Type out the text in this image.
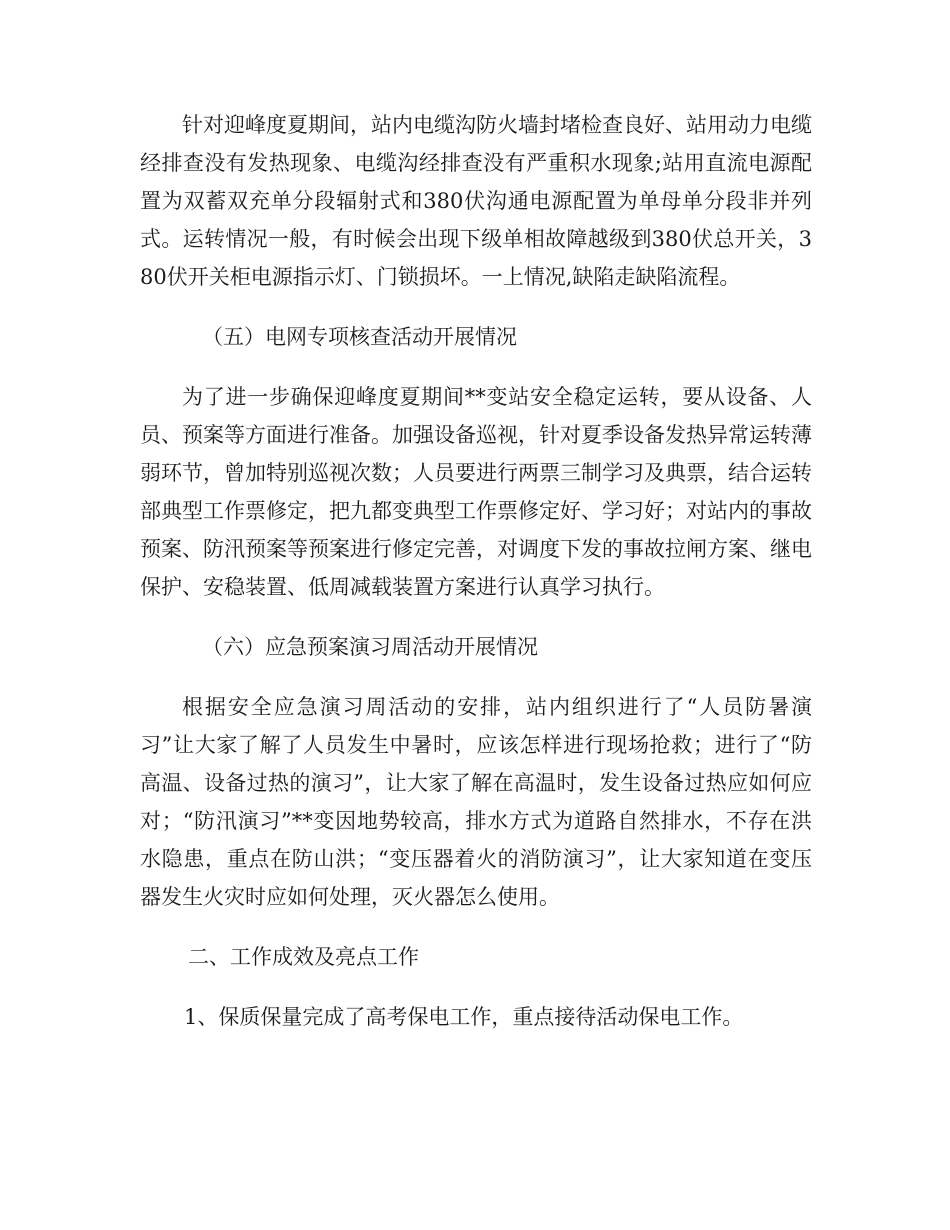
针对迎峰度夏期间，站内电缆沟防火墙封堵检查良好、站用动力电缆经排查没有发热现象、电缆沟经排查没有严重积水现象;站用直流电源配置为双蓄双充单分段辐射式和380伏沟通电源配置为单母单分段非并列式。运转情况一般，有时候会出现下级单相故障越级到380伏总开关，380伏开关柜电源指示灯、门锁损坏。一上情况,缺陷走缺陷流程。

（五）电网专项核查活动开展情况

为了进一步确保迎峰度夏期间**变站安全稳定运转，要从设备、人员、预案等方面进行准备。加强设备巡视，针对夏季设备发热异常运转薄弱环节，曾加特别巡视次数；人员要进行两票三制学习及典票，结合运转部典型工作票修定，把九都变典型工作票修定好、学习好；对站内的事故预案、防汛预案等预案进行修定完善，对调度下发的事故拉闸方案、继电保护、安稳装置、低周减载装置方案进行认真学习执行。

（六）应急预案演习周活动开展情况

根据安全应急演习周活动的安排，站内组织进行了“人员防暑演习”让大家了解了人员发生中暑时，应该怎样进行现场抢救；进行了“防高温、设备过热的演习”，让大家了解在高温时，发生设备过热应如何应对；“防汛演习”**变因地势较高，排水方式为道路自然排水，不存在洪水隐患，重点在防山洪；“变压器着火的消防演习”，让大家知道在变压器发生火灾时应如何处理，灭火器怎么使用。

二、工作成效及亮点工作

1、保质保量完成了高考保电工作，重点接待活动保电工作。
